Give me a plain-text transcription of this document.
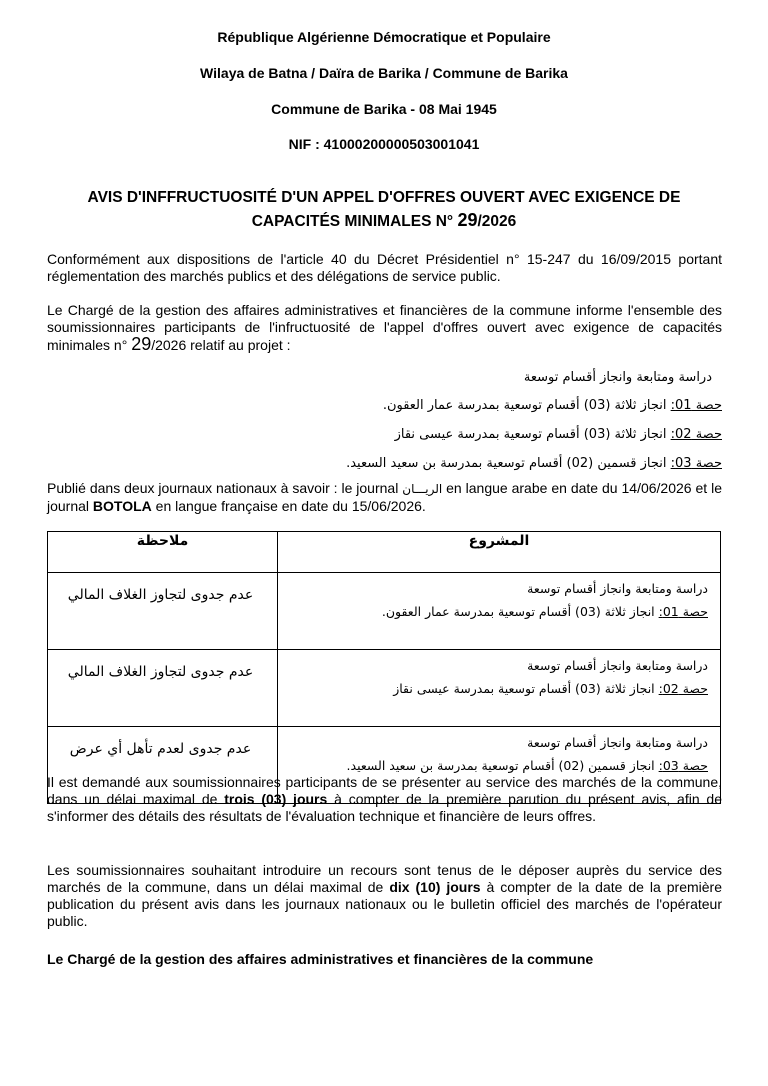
République Algérienne Démocratique et Populaire
Wilaya de Batna / Daïra de Barika / Commune de Barika
Commune de Barika - 08 Mai 1945
NIF : 41000200000503001041
AVIS D'INFFRUCTUOSITÉ D'UN APPEL D'OFFRES OUVERT AVEC EXIGENCE DE
CAPACITÉS MINIMALES N° 29/2026
Conformément aux dispositions de l'article 40 du Décret Présidentiel n° 15-247 du 16/09/2015 portant réglementation des marchés publics et des délégations de service public.
Le Chargé de la gestion des affaires administratives et financières de la commune informe l'ensemble des soumissionnaires participants de l'infructuosité de l'appel d'offres ouvert avec exigence de capacités minimales n° 29/2026 relatif au projet :
دراسة ومتابعة وانجاز أقسام توسعة
حصة 01: انجاز ثلاثة (03) أقسام توسعية بمدرسة عمار العقون.
حصة 02: انجاز ثلاثة (03) أقسام توسعية بمدرسة عيسى نقاز
حصة 03: انجاز قسمين (02) أقسام توسعية بمدرسة بن سعيد السعيد.
Publié dans deux journaux nationaux à savoir : le journal الريـــان en langue arabe en date du 14/06/2026 et le journal BOTOLA en langue française en date du 15/06/2026.
المشروع	ملاحظة

دراسة ومتابعة وانجاز أقسام توسعة
حصة 01: انجاز ثلاثة (03) أقسام توسعية بمدرسة عمار العقون.	عدم جدوى لتجاوز الغلاف المالي

دراسة ومتابعة وانجاز أقسام توسعة
حصة 02: انجاز ثلاثة (03) أقسام توسعية بمدرسة عيسى نقاز	عدم جدوى لتجاوز الغلاف المالي

دراسة ومتابعة وانجاز أقسام توسعة
حصة 03: انجاز قسمين (02) أقسام توسعية بمدرسة بن سعيد السعيد.	عدم جدوى لعدم تأهل أي عرض
Il est demandé aux soumissionnaires participants de se présenter au service des marchés de la commune, dans un délai maximal de trois (03) jours à compter de la première parution du présent avis, afin de s'informer des détails des résultats de l'évaluation technique et financière de leurs offres.
Les soumissionnaires souhaitant introduire un recours sont tenus de le déposer auprès du service des marchés de la commune, dans un délai maximal de dix (10) jours à compter de la date de la première publication du présent avis dans les journaux nationaux ou le bulletin officiel des marchés de l'opérateur public.
Le Chargé de la gestion des affaires administratives et financières de la commune
